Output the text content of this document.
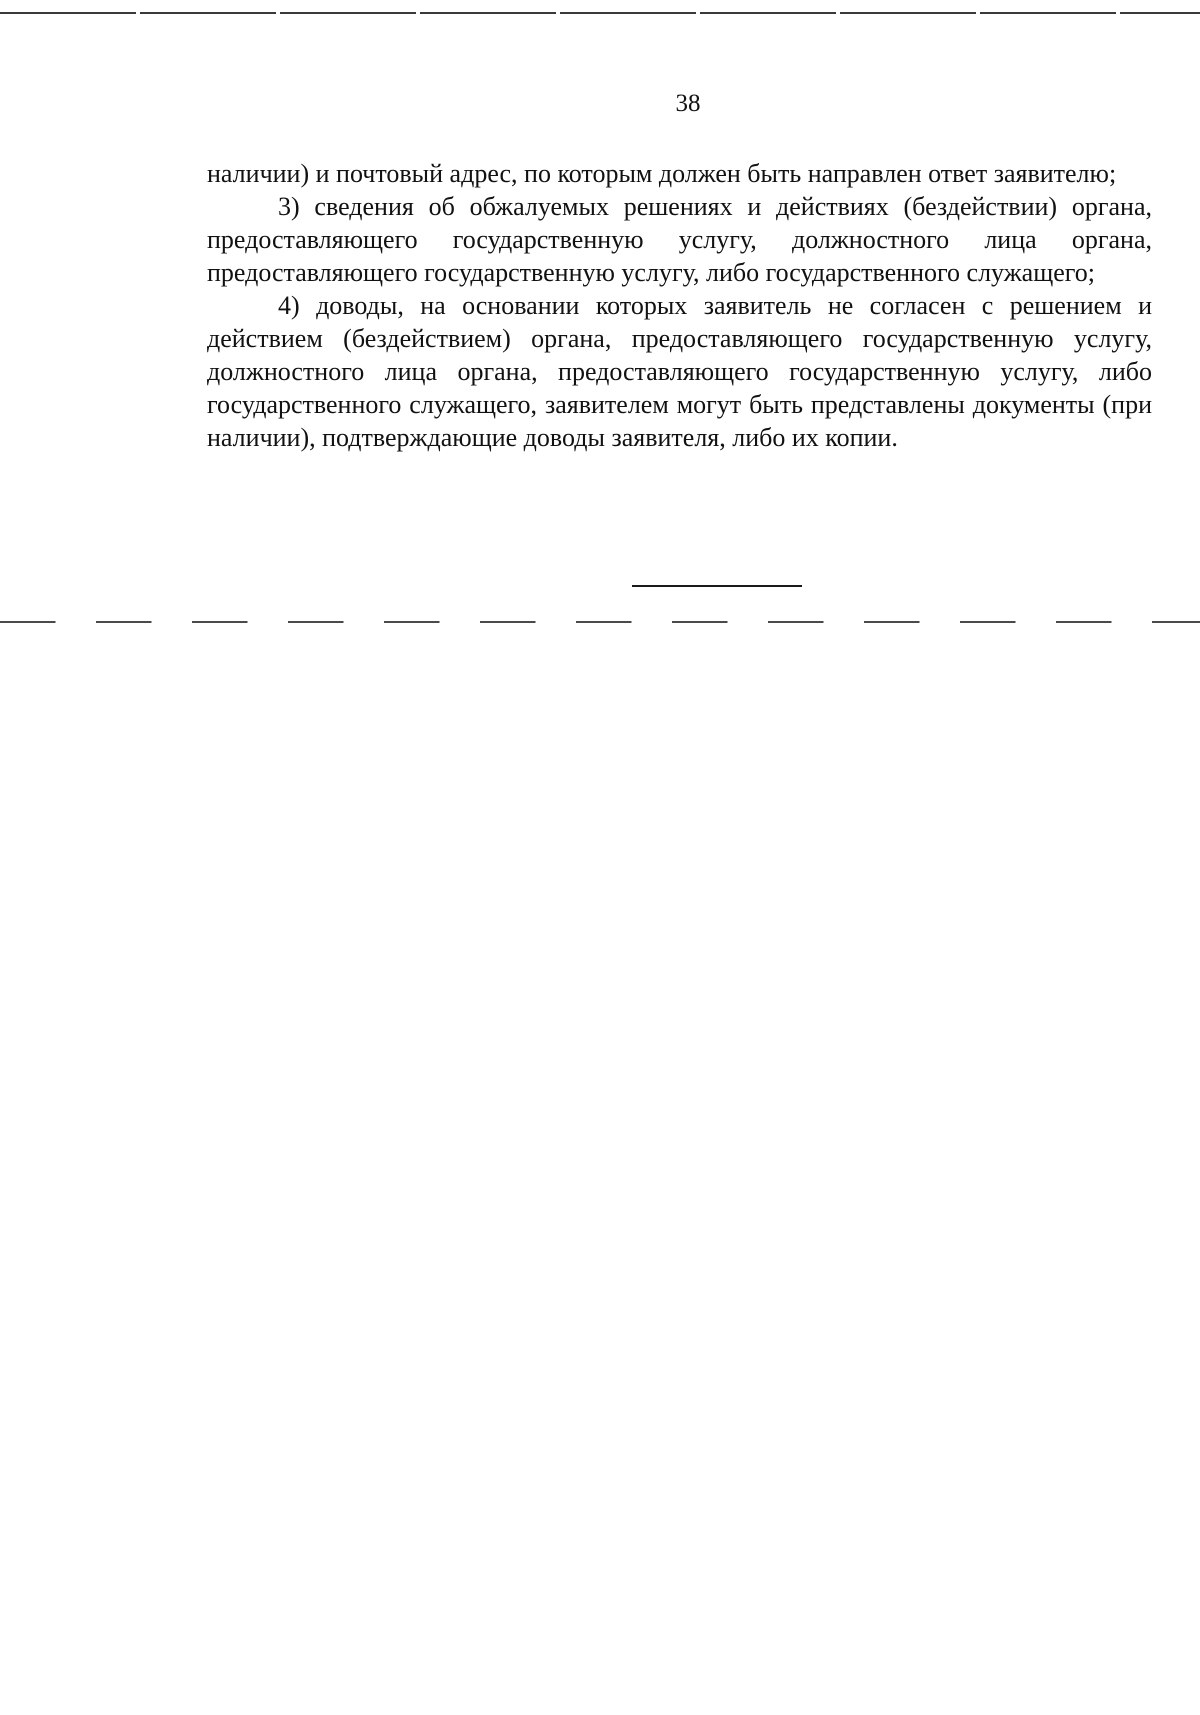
38

наличии) и почтовый адрес, по которым должен быть направлен ответ заявителю;

3) сведения об обжалуемых решениях и действиях (бездействии) органа, предоставляющего государственную услугу, должностного лица органа, предоставляющего государственную услугу, либо государственного служащего;

4) доводы, на основании которых заявитель не согласен с решением и действием (бездействием) органа, предоставляющего государственную услугу, должностного лица органа, предоставляющего государственную услугу, либо государственного служащего, заявителем могут быть представлены документы (при наличии), подтверждающие доводы заявителя, либо их копии.
